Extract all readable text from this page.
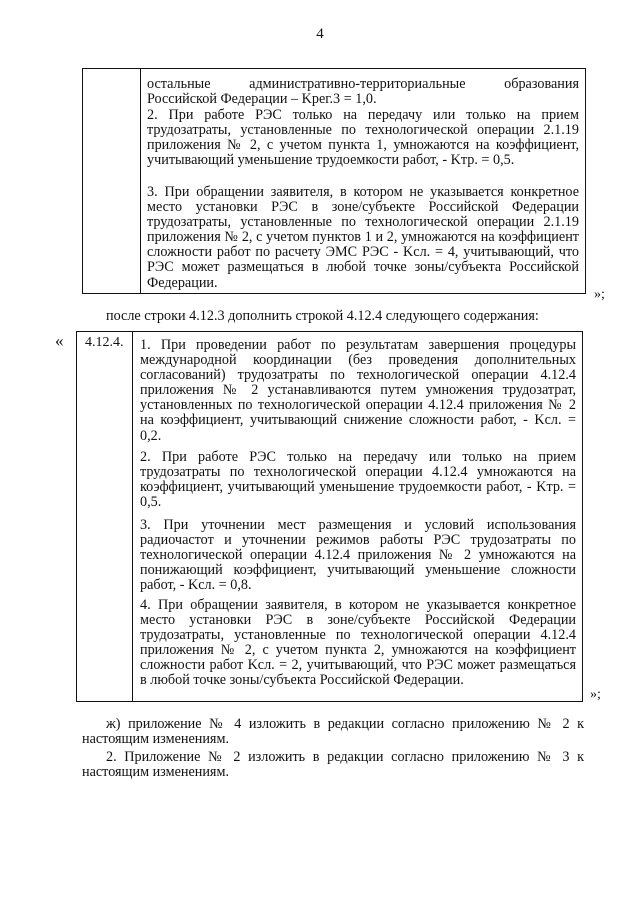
4

остальные административно-территориальные образования Российской Федерации – Kрег.3 = 1,0.

2. При работе РЭС только на передачу или только на прием трудозатраты, установленные по технологической операции 2.1.19 приложения № 2, с учетом пункта 1, умножаются на коэффициент, учитывающий уменьшение трудоемкости работ, - Kтр. = 0,5.

3. При обращении заявителя, в котором не указывается конкретное место установки РЭС в зоне/субъекте Российской Федерации трудозатраты, установленные по технологической операции 2.1.19 приложения № 2, с учетом пунктов 1 и 2, умножаются на коэффициент сложности работ по расчету ЭМС РЭС - Kсл. = 4, учитывающий, что РЭС может размещаться в любой точке зоны/субъекта Российской Федерации.

»;
после строки 4.12.3 дополнить строкой 4.12.4 следующего содержания:
« 4.12.4. 1. При проведении работ по результатам завершения процедуры международной координации (без проведения дополнительных согласований) трудозатраты по технологической операции 4.12.4 приложения № 2 устанавливаются путем умножения трудозатрат, установленных по технологической операции 4.12.4 приложения № 2 на коэффициент, учитывающий снижение сложности работ, - Kсл. = 0,2.

2. При работе РЭС только на передачу или только на прием трудозатраты по технологической операции 4.12.4 умножаются на коэффициент, учитывающий уменьшение трудоемкости работ, - Kтр. = 0,5.

3. При уточнении мест размещения и условий использования радиочастот и уточнении режимов работы РЭС трудозатраты по технологической операции 4.12.4 приложения № 2 умножаются на понижающий коэффициент, учитывающий уменьшение сложности работ, - Kсл. = 0,8.

4. При обращении заявителя, в котором не указывается конкретное место установки РЭС в зоне/субъекте Российской Федерации трудозатраты, установленные по технологической операции 4.12.4 приложения № 2, с учетом пункта 2, умножаются на коэффициент сложности работ Kсл. = 2, учитывающий, что РЭС может размещаться в любой точке зоны/субъекта Российской Федерации.

»;

ж) приложение № 4 изложить в редакции согласно приложению № 2 к настоящим изменениям.

2. Приложение № 2 изложить в редакции согласно приложению № 3 к настоящим изменениям.
